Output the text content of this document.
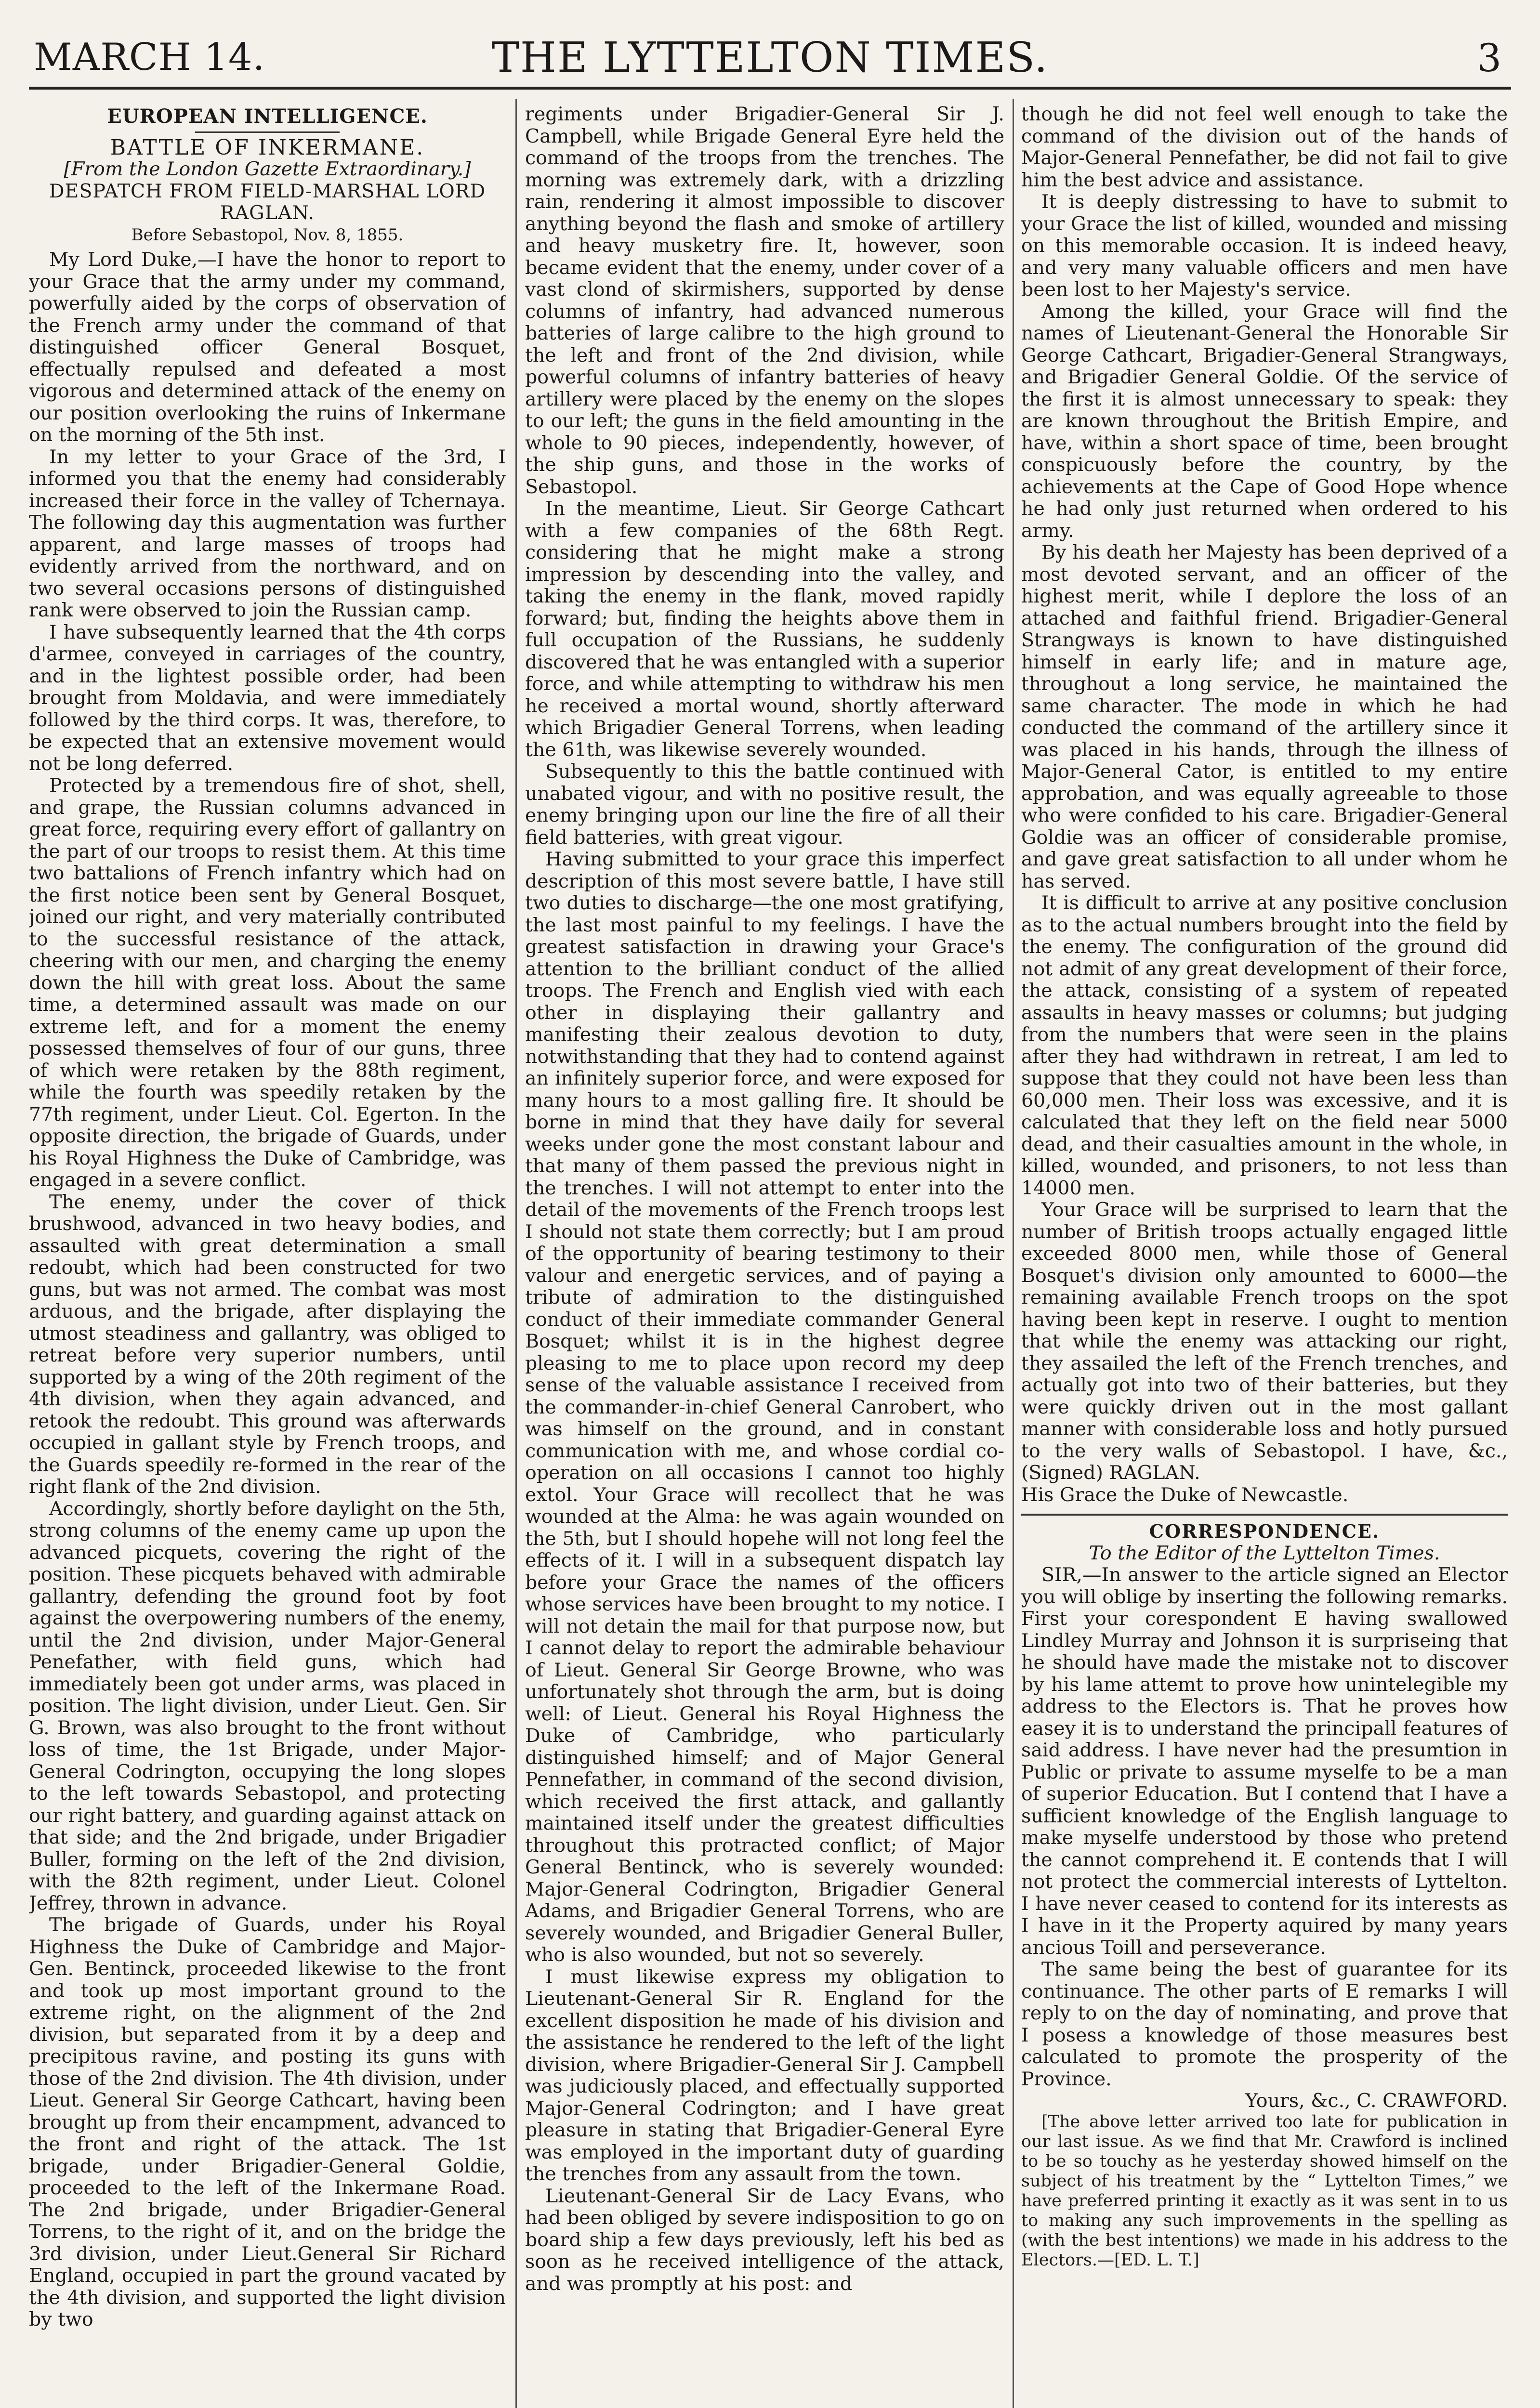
MARCH 14.	THE LYTTELTON TIMES.	3
EUROPEAN INTELLIGENCE.
BATTLE OF INKERMANE.
[From the London Gazette Extraordinary.]
DESPATCH FROM FIELD-MARSHAL LORD
RAGLAN.
Before Sebastopol, Nov. 8, 1855.

My Lord Duke,—I have the honor to report to your Grace that the army under my command, powerfully aided by the corps of observation of the French army under the command of that distinguished officer General Bosquet, effectually repulsed and defeated a most vigorous and determined attack of the enemy on our position overlooking the ruins of Inkermane on the morning of the 5th inst.

In my letter to your Grace of the 3rd, I informed you that the enemy had considerably increased their force in the valley of Tchernaya. The following day this augmentation was further apparent, and large masses of troops had evidently arrived from the northward, and on two several occasions persons of distinguished rank were observed to join the Russian camp.

I have subsequently learned that the 4th corps d'armee, conveyed in carriages of the country, and in the lightest possible order, had been brought from Moldavia, and were immediately followed by the third corps. It was, therefore, to be expected that an extensive movement would not be long deferred.

Protected by a tremendous fire of shot, shell, and grape, the Russian columns advanced in great force, requiring every effort of gallantry on the part of our troops to resist them. At this time two battalions of French infantry which had on the first notice been sent by General Bosquet, joined our right, and very materially contributed to the successful resistance of the attack, cheering with our men, and charging the enemy down the hill with great loss. About the same time, a determined assault was made on our extreme left, and for a moment the enemy possessed themselves of four of our guns, three of which were retaken by the 88th regiment, while the fourth was speedily retaken by the 77th regiment, under Lieut. Col. Egerton. In the opposite direction, the brigade of Guards, under his Royal Highness the Duke of Cambridge, was engaged in a severe conflict.

The enemy, under the cover of thick brushwood, advanced in two heavy bodies, and assaulted with great determination a small redoubt, which had been constructed for two guns, but was not armed. The combat was most arduous, and the brigade, after displaying the utmost steadiness and gallantry, was obliged to retreat before very superior numbers, until supported by a wing of the 20th regiment of the 4th division, when they again advanced, and retook the redoubt. This ground was afterwards occupied in gallant style by French troops, and the Guards speedily re-formed in the rear of the right flank of the 2nd division.

Accordingly, shortly before daylight on the 5th, strong columns of the enemy came up upon the advanced picquets, covering the right of the position. These picquets behaved with admirable gallantry, defending the ground foot by foot against the overpowering numbers of the enemy, until the 2nd division, under Major-General Penefather, with field guns, which had immediately been got under arms, was placed in position. The light division, under Lieut. Gen. Sir G. Brown, was also brought to the front without loss of time, the 1st Brigade, under Major-General Codrington, occupying the long slopes to the left towards Sebastopol, and protecting our right battery, and guarding against attack on that side; and the 2nd brigade, under Brigadier Buller, forming on the left of the 2nd division, with the 82th regiment, under Lieut. Colonel Jeffrey, thrown in advance.

The brigade of Guards, under his Royal Highness the Duke of Cambridge and Major-Gen. Bentinck, proceeded likewise to the front and took up most important ground to the extreme right, on the alignment of the 2nd division, but separated from it by a deep and precipitous ravine, and posting its guns with those of the 2nd division. The 4th division, under Lieut. General Sir George Cathcart, having been brought up from their encampment, advanced to the front and right of the attack. The 1st brigade, under Brigadier-General Goldie, proceeded to the left of the Inkermane Road. The 2nd brigade, under Brigadier-General Torrens, to the right of it, and on the bridge the 3rd division, under Lieut.General Sir Richard England, occupied in part the ground vacated by the 4th division, and supported the light division by two

regiments under Brigadier-General Sir J. Campbell, while Brigade General Eyre held the command of the troops from the trenches. The morning was extremely dark, with a drizzling rain, rendering it almost impossible to discover anything beyond the flash and smoke of artillery and heavy musketry fire. It, however, soon became evident that the enemy, under cover of a vast clond of skirmishers, supported by dense columns of infantry, had advanced numerous batteries of large calibre to the high ground to the left and front of the 2nd division, while powerful columns of infantry batteries of heavy artillery were placed by the enemy on the slopes to our left; the guns in the field amounting in the whole to 90 pieces, independently, however, of the ship guns, and those in the works of Sebastopol.

In the meantime, Lieut. Sir George Cathcart with a few companies of the 68th Regt. considering that he might make a strong impression by descending into the valley, and taking the enemy in the flank, moved rapidly forward; but, finding the heights above them in full occupation of the Russians, he suddenly discovered that he was entangled with a superior force, and while attempting to withdraw his men he received a mortal wound, shortly afterward which Brigadier General Torrens, when leading the 61th, was likewise severely wounded.

Subsequently to this the battle continued with unabated vigour, and with no positive result, the enemy bringing upon our line the fire of all their field batteries, with great vigour.

Having submitted to your grace this imperfect description of this most severe battle, I have still two duties to discharge—the one most gratifying, the last most painful to my feelings. I have the greatest satisfaction in drawing your Grace's attention to the brilliant conduct of the allied troops. The French and English vied with each other in displaying their gallantry and manifesting their zealous devotion to duty, notwithstanding that they had to contend against an infinitely superior force, and were exposed for many hours to a most galling fire. It should be borne in mind that they have daily for several weeks under gone the most constant labour and that many of them passed the previous night in the trenches. I will not attempt to enter into the detail of the movements of the French troops lest I should not state them correctly; but I am proud of the opportunity of bearing testimony to their valour and energetic services, and of paying a tribute of admiration to the distinguished conduct of their immediate commander General Bosquet; whilst it is in the highest degree pleasing to me to place upon record my deep sense of the valuable assistance I received from the commander-in-chief General Canrobert, who was himself on the ground, and in constant communication with me, and whose cordial co-operation on all occasions I cannot too highly extol. Your Grace will recollect that he was wounded at the Alma: he was again wounded on the 5th, but I should hopehe will not long feel the effects of it. I will in a subsequent dispatch lay before your Grace the names of the officers whose services have been brought to my notice. I will not detain the mail for that purpose now, but I cannot delay to report the admirable behaviour of Lieut. General Sir George Browne, who was unfortunately shot through the arm, but is doing well: of Lieut. General his Royal Highness the Duke of Cambridge, who particularly distinguished himself; and of Major General Pennefather, in command of the second division, which received the first attack, and gallantly maintained itself under the greatest difficulties throughout this protracted conflict; of Major General Bentinck, who is severely wounded: Major-General Codrington, Brigadier General Adams, and Brigadier General Torrens, who are severely wounded, and Brigadier General Buller, who is also wounded, but not so severely.

I must likewise express my obligation to Lieutenant-General Sir R. England for the excellent disposition he made of his division and the assistance he rendered to the left of the light division, where Brigadier-General Sir J. Campbell was judiciously placed, and effectually supported Major-General Codrington; and I have great pleasure in stating that Brigadier-General Eyre was employed in the important duty of guarding the trenches from any assault from the town.

Lieutenant-General Sir de Lacy Evans, who had been obliged by severe indisposition to go on board ship a few days previously, left his bed as soon as he received intelligence of the attack, and was promptly at his post: and

though he did not feel well enough to take the command of the division out of the hands of Major-General Pennefather, be did not fail to give him the best advice and assistance.

It is deeply distressing to have to submit to your Grace the list of killed, wounded and missing on this memorable occasion. It is indeed heavy, and very many valuable officers and men have been lost to her Majesty's service.

Among the killed, your Grace will find the names of Lieutenant-General the Honorable Sir George Cathcart, Brigadier-General Strangways, and Brigadier General Goldie. Of the service of the first it is almost unnecessary to speak: they are known throughout the British Empire, and have, within a short space of time, been brought conspicuously before the country, by the achievements at the Cape of Good Hope whence he had only just returned when ordered to his army.

By his death her Majesty has been deprived of a most devoted servant, and an officer of the highest merit, while I deplore the loss of an attached and faithful friend. Brigadier-General Strangways is known to have distinguished himself in early life; and in mature age, throughout a long service, he maintained the same character. The mode in which he had conducted the command of the artillery since it was placed in his hands, through the illness of Major-General Cator, is entitled to my entire approbation, and was equally agreeable to those who were confided to his care. Brigadier-General Goldie was an officer of considerable promise, and gave great satisfaction to all under whom he has served.

It is difficult to arrive at any positive conclusion as to the actual numbers brought into the field by the enemy. The configuration of the ground did not admit of any great development of their force, the attack, consisting of a system of repeated assaults in heavy masses or columns; but judging from the numbers that were seen in the plains after they had withdrawn in retreat, I am led to suppose that they could not have been less than 60,000 men. Their loss was excessive, and it is calculated that they left on the field near 5000 dead, and their casualties amount in the whole, in killed, wounded, and prisoners, to not less than 14000 men.

Your Grace will be surprised to learn that the number of British troops actually engaged little exceeded 8000 men, while those of General Bosquet's division only amounted to 6000—the remaining available French troops on the spot having been kept in reserve. I ought to mention that while the enemy was attacking our right, they assailed the left of the French trenches, and actually got into two of their batteries, but they were quickly driven out in the most gallant manner with considerable loss and hotly pursued to the very walls of Sebastopol. I have, &c., (Signed) RAGLAN.

His Grace the Duke of Newcastle.

CORRESPONDENCE.
To the Editor of the Lyttelton Times.

SIR,—In answer to the article signed an Elector you will oblige by inserting the following remarks. First your corespondent E having swallowed Lindley Murray and Johnson it is surpriseing that he should have made the mistake not to discover by his lame attemt to prove how unintelegible my address to the Electors is. That he proves how easey it is to understand the principall features of said address. I have never had the presumtion in Public or private to assume myselfe to be a man of superior Education. But I contend that I have a sufficient knowledge of the English language to make myselfe understood by those who pretend the cannot comprehend it. E contends that I will not protect the commercial interests of Lyttelton. I have never ceased to contend for its interests as I have in it the Property aquired by many years ancious Toill and perseverance.

The same being the best of guarantee for its continuance. The other parts of E remarks I will reply to on the day of nominating, and prove that I posess a knowledge of those measures best calculated to promote the prosperity of the Province.

Yours, &c., C. CRAWFORD.

[The above letter arrived too late for publication in our last issue. As we find that Mr. Crawford is inclined to be so touchy as he yesterday showed himself on the subject of his treatment by the “ Lyttelton Times,” we have preferred printing it exactly as it was sent in to us to making any such improvements in the spelling as (with the best intentions) we made in his address to the Electors.—[ED. L. T.]
